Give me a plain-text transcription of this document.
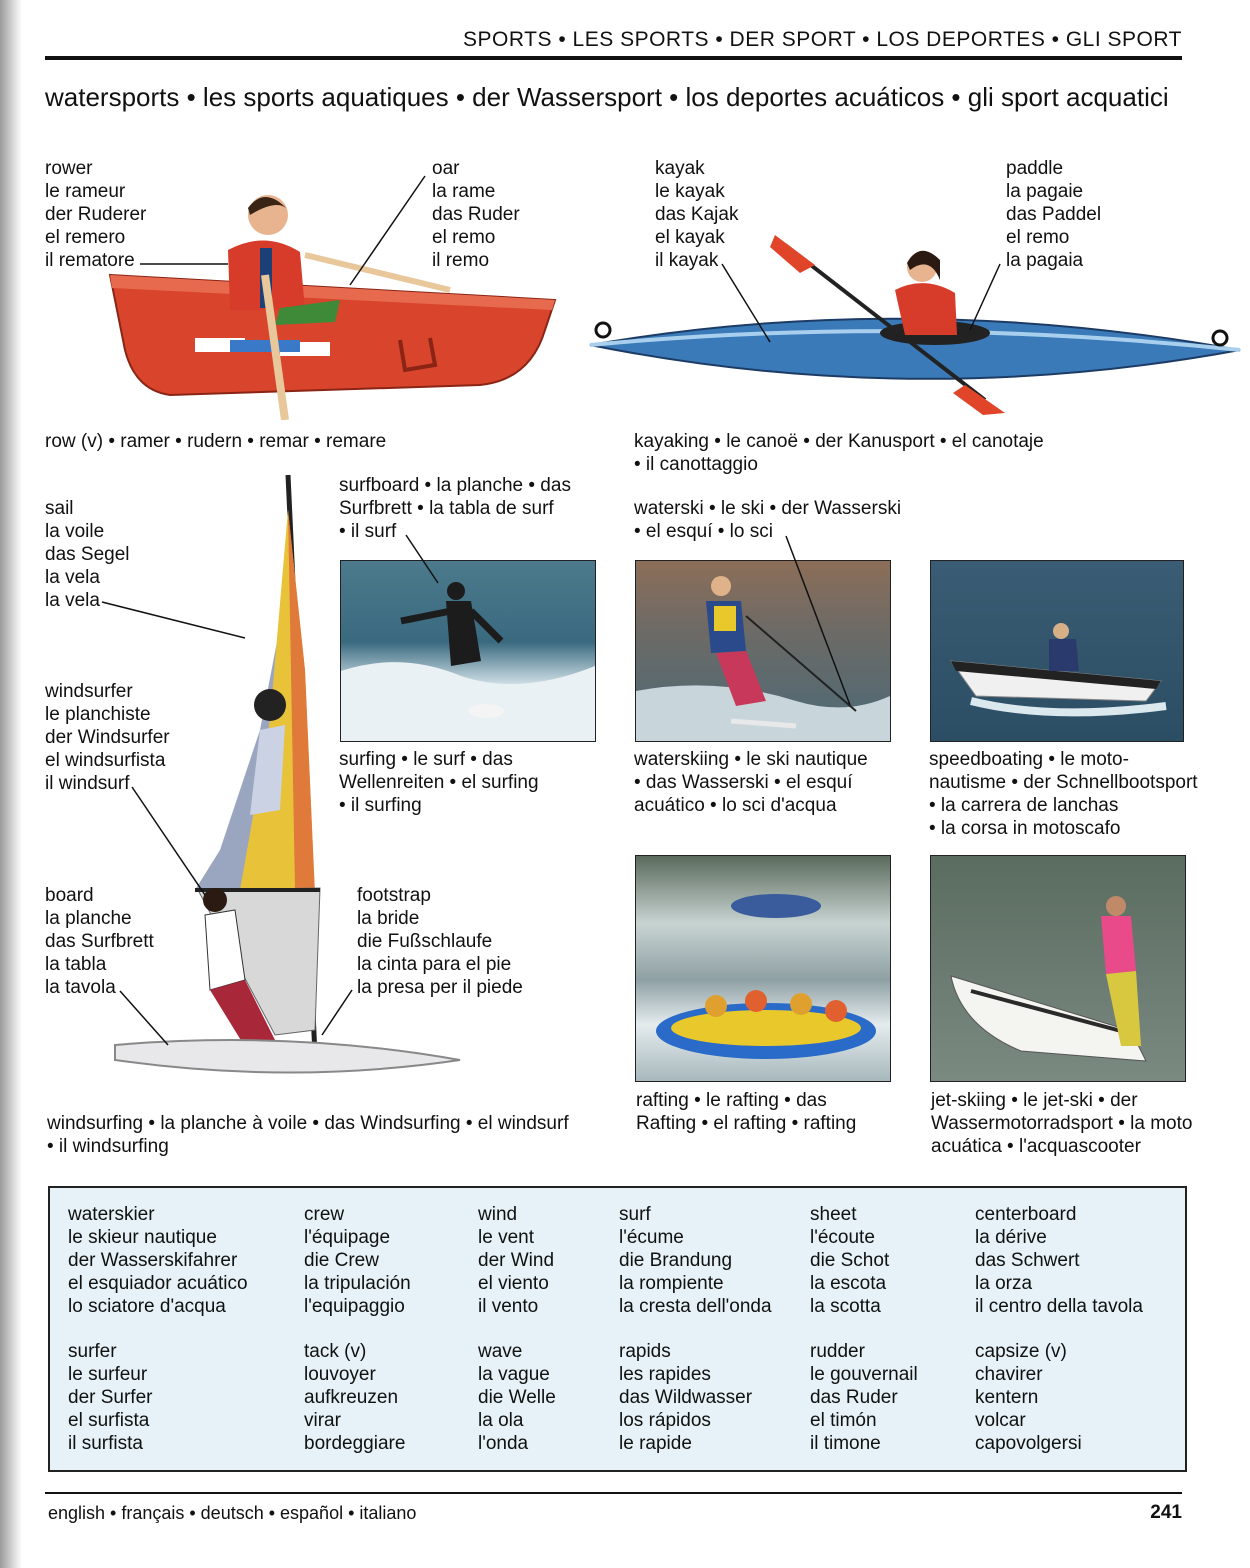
SPORTS • LES SPORTS • DER SPORT • LOS DEPORTES • GLI SPORT
watersports • les sports aquatiques • der Wassersport • los deportes acuáticos • gli sport acquatici
rower
le rameur
der Ruderer
el remero
il rematore
oar
la rame
das Ruder
el remo
il remo
kayak
le kayak
das Kajak
el kayak
il kayak
paddle
la pagaie
das Paddel
el remo
la pagaia
sail
la voile
das Segel
la vela
la vela
windsurfer
le planchiste
der Windsurfer
el windsurfista
il windsurf
board
la planche
das Surfbrett
la tabla
la tavola
footstrap
la bride
die Fußschlaufe
la cinta para el pie
la presa per il piede
row (v) • ramer • rudern • remar • remare	kayaking • le canoë • der Kanusport • el canotaje
• il canottaggio
surfboard • la planche • das
Surfbrett • la tabla de surf
• il surf
waterski • le ski • der Wasserski
• el esquí • lo sci
surfing • le surf • das
Wellenreiten • el surfing
• il surfing
waterskiing • le ski nautique
• das Wasserski • el esquí
acuático • lo sci d'acqua
speedboating • le moto-
nautisme • der Schnellbootsport
• la carrera de lanchas
• la corsa in motoscafo
rafting • le rafting • das
Rafting • el rafting • rafting
jet-skiing • le jet-ski • der
Wassermotorradsport • la moto
acuática • l'acquascooter
windsurfing • la planche à voile • das Windsurfing • el windsurf
• il windsurfing
waterskier
le skieur nautique
der Wasserskifahrer
el esquiador acuático
lo sciatore d'acqua
crew
l'équipage
die Crew
la tripulación
l'equipaggio
wind
le vent
der Wind
el viento
il vento
surf
l'écume
die Brandung
la rompiente
la cresta dell'onda
sheet
l'écoute
die Schot
la escota
la scotta
centerboard
la dérive
das Schwert
la orza
il centro della tavola
surfer
le surfeur
der Surfer
el surfista
il surfista
tack (v)
louvoyer
aufkreuzen
virar
bordeggiare
wave
la vague
die Welle
la ola
l'onda
rapids
les rapides
das Wildwasser
los rápidos
le rapide
rudder
le gouvernail
das Ruder
el timón
il timone
capsize (v)
chavirer
kentern
volcar
capovolgersi
english • français • deutsch • español • italiano	241
